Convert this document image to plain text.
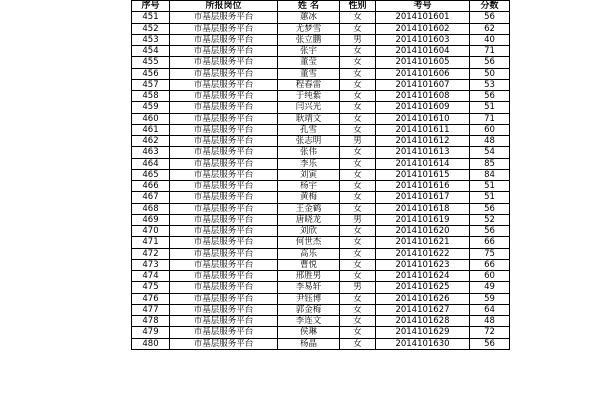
序号	所报岗位	姓 名	性别	考号	分数
451	市基层服务平台	蕙冰	女	2014101601	56
452	市基层服务平台	尤梦雪	女	2014101602	62
453	市基层服务平台	张立鹏	男	2014101603	40
454	市基层服务平台	张宇	女	2014101604	71
455	市基层服务平台	董莹	女	2014101605	56
456	市基层服务平台	董雪	女	2014101606	50
457	市基层服务平台	程春雷	女	2014101607	53
458	市基层服务平台	于纯紫	女	2014101608	56
459	市基层服务平台	闫兴光	女	2014101609	51
460	市基层服务平台	耿靖文	女	2014101610	71
461	市基层服务平台	孔雪	女	2014101611	60
462	市基层服务平台	张志明	男	2014101612	48
463	市基层服务平台	张伟	女	2014101613	54
464	市基层服务平台	李乐	女	2014101614	85
465	市基层服务平台	刘寅	女	2014101615	84
466	市基层服务平台	杨宇	女	2014101616	51
467	市基层服务平台	黄梅	女	2014101617	51
468	市基层服务平台	王金鹤	女	2014101618	56
469	市基层服务平台	唐晓龙	男	2014101619	52
470	市基层服务平台	刘欣	女	2014101620	56
471	市基层服务平台	何世杰	女	2014101621	66
472	市基层服务平台	高乐	女	2014101622	75
473	市基层服务平台	曹悦	女	2014101623	66
474	市基层服务平台	邢胜男	女	2014101624	60
475	市基层服务平台	李易轩	男	2014101625	49
476	市基层服务平台	尹钰博	女	2014101626	59
477	市基层服务平台	郭金梅	女	2014101627	64
478	市基层服务平台	李连文	女	2014101628	48
479	市基层服务平台	侯琳	女	2014101629	72
480	市基层服务平台	杨晶	女	2014101630	56
